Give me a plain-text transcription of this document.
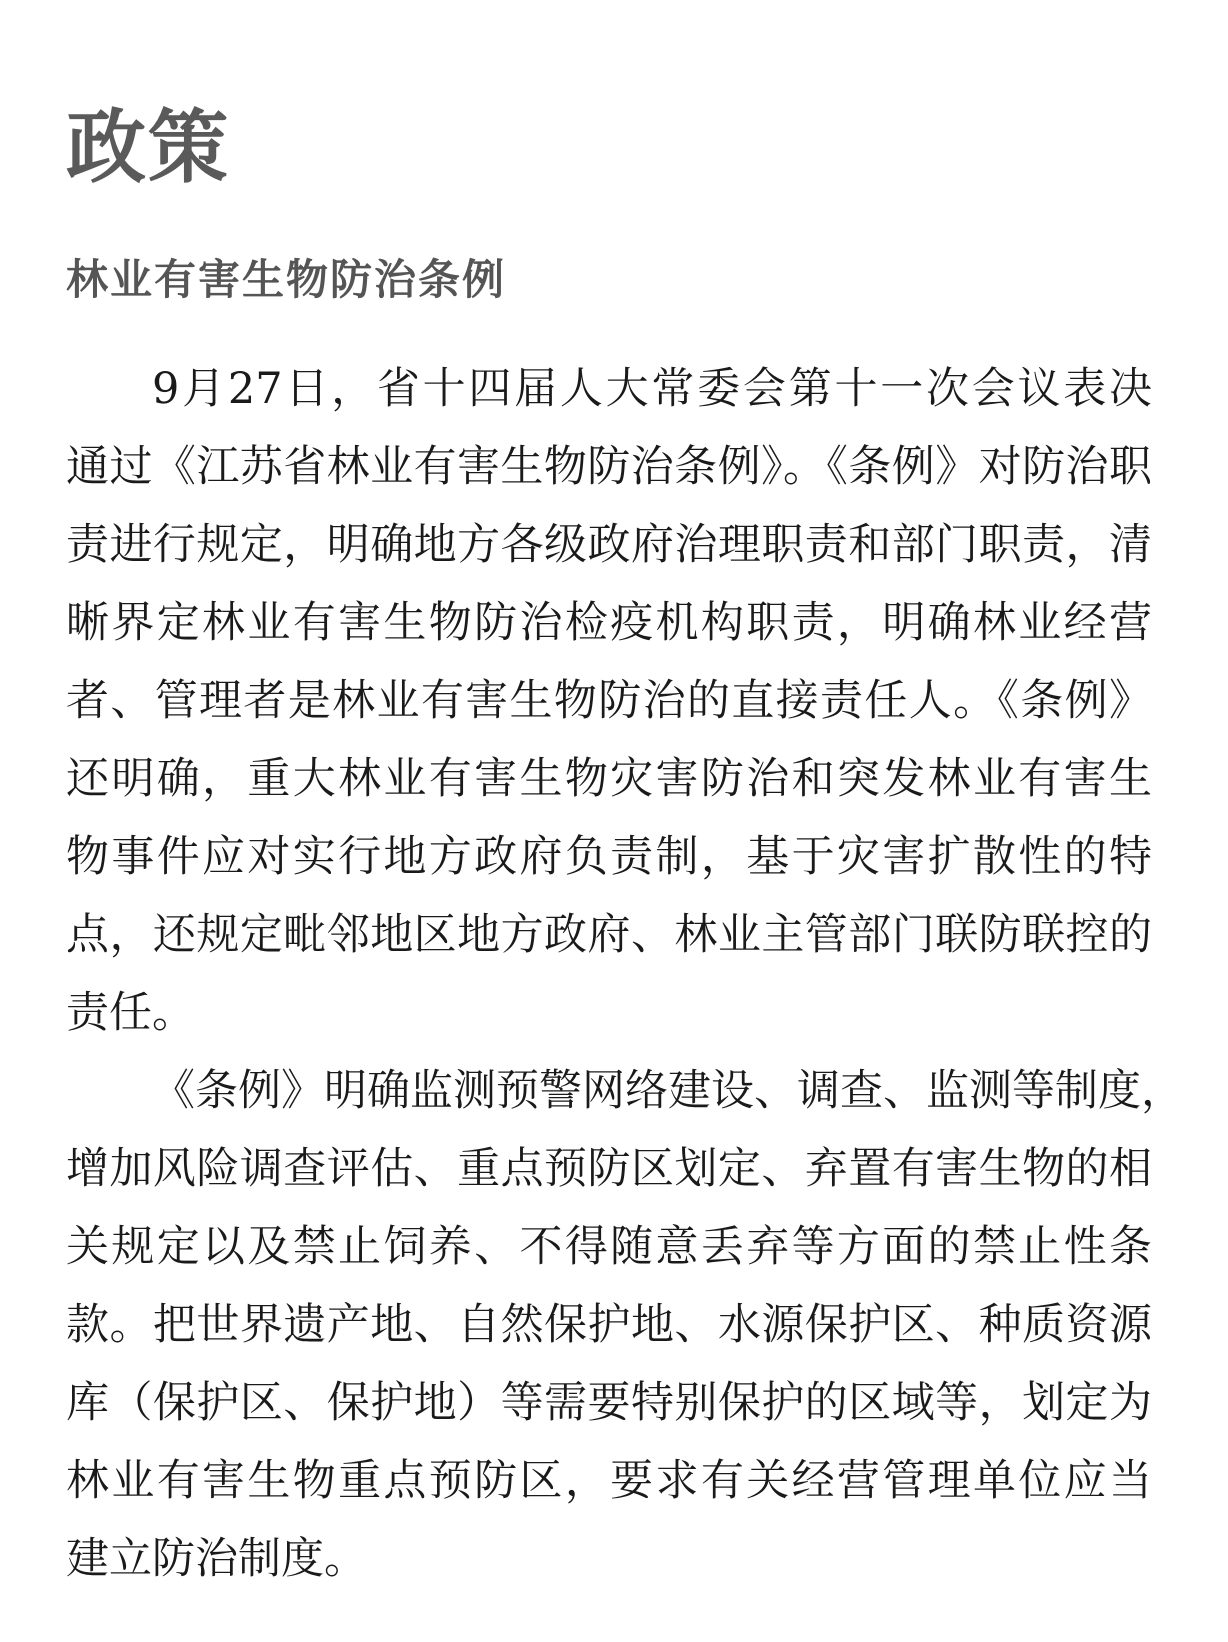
政策
林业有害生物防治条例
9月27日，省十四届人大常委会第十一次会议表决
通过《江苏省林业有害生物防治条例》。《条例》对防治职
责进行规定，明确地方各级政府治理职责和部门职责，清
晰界定林业有害生物防治检疫机构职责，明确林业经营
者、管理者是林业有害生物防治的直接责任人。《条例》
还明确，重大林业有害生物灾害防治和突发林业有害生
物事件应对实行地方政府负责制，基于灾害扩散性的特
点，还规定毗邻地区地方政府、林业主管部门联防联控的
责任。
《条例》明确监测预警网络建设、调查、监测等制度，
增加风险调查评估、重点预防区划定、弃置有害生物的相
关规定以及禁止饲养、不得随意丢弃等方面的禁止性条
款。把世界遗产地、自然保护地、水源保护区、种质资源
库（保护区、保护地）等需要特别保护的区域等，划定为
林业有害生物重点预防区，要求有关经营管理单位应当
建立防治制度。
